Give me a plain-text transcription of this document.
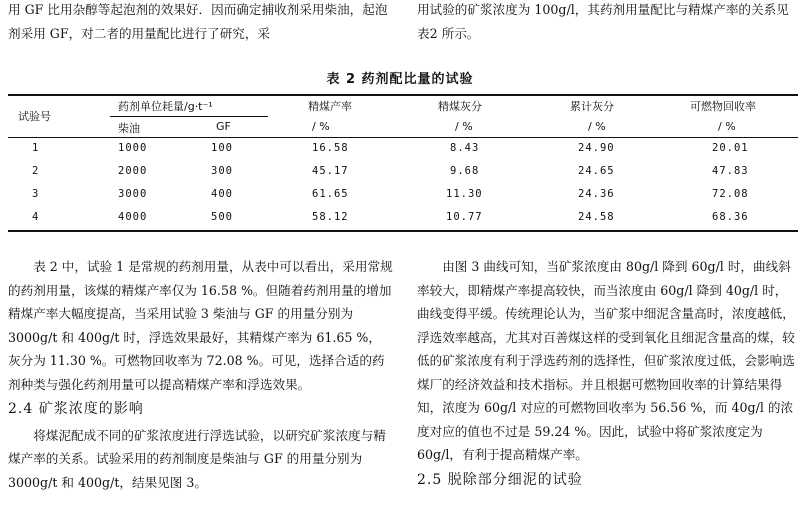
用 GF 比用杂醇等起泡剂的效果好．因而确定捕收剂采用柴油，起泡剂采用 GF，对二者的用量配比进行了研究，采

用试验的矿浆浓度为 100g/l，其药剂用量配比与精煤产率的关系见表2 所示。

表 2 药剂配比量的试验
试验号
药剂单位耗量/g·t⁻¹
柴油	GF
精煤产率
/ %
精煤灰分
/ %
累计灰分
/ %
可燃物回收率
/ %
1	1000	100	16.58	8.43	24.90	20.01
2	2000	300	45.17	9.68	24.65	47.83
3	3000	400	61.65	11.30	24.36	72.08
4	4000	500	58.12	10.77	24.58	68.36

表 2 中，试验 1 是常规的药剂用量，从表中可以看出，采用常规的药剂用量，该煤的精煤产率仅为 16.58 %。但随着药剂用量的增加精煤产率大幅度提高，当采用试验 3 柴油与 GF 的用量分别为 3000g/t 和 400g/t 时，浮选效果最好，其精煤产率为 61.65 %，灰分为 11.30 %。可燃物回收率为 72.08 %。可见，选择合适的药剂种类与强化药剂用量可以提高精煤产率和浮选效果。

2.4 矿浆浓度的影响

将煤泥配成不同的矿浆浓度进行浮选试验，以研究矿浆浓度与精煤产率的关系。试验采用的药剂制度是柴油与 GF 的用量分别为 3000g/t 和 400g/t，结果见图 3。

由图 3 曲线可知，当矿浆浓度由 80g/l 降到 60g/l 时，曲线斜率较大，即精煤产率提高较快，而当浓度由 60g/l 降到 40g/l 时，曲线变得平缓。传统理论认为，当矿浆中细泥含量高时，浓度越低，浮选效率越高，尤其对百善煤这样的受到氧化且细泥含量高的煤，较低的矿浆浓度有利于浮选药剂的选择性，但矿浆浓度过低，会影响选煤厂的经济效益和技术指标。并且根据可燃物回收率的计算结果得知，浓度为 60g/l 对应的可燃物回收率为 56.56 %，而 40g/l 的浓度对应的值也不过是 59.24 %。因此，试验中将矿浆浓度定为 60g/l，有利于提高精煤产率。

2.5 脱除部分细泥的试验
